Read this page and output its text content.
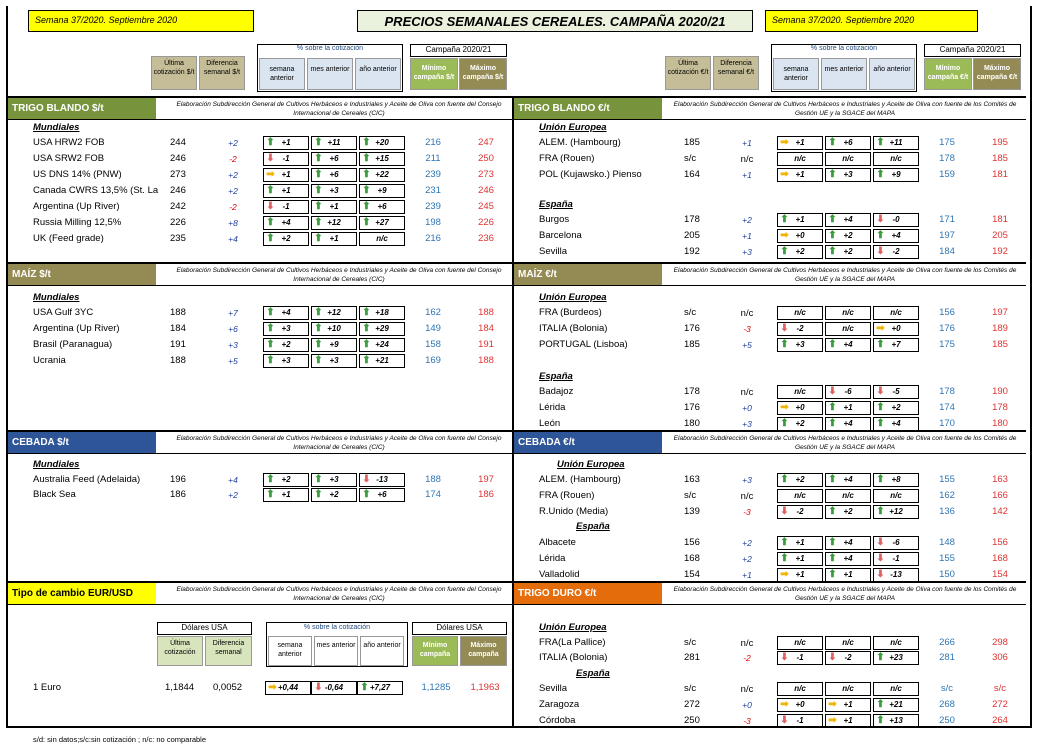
Semana 37/2020. Septiembre 2020	PRECIOS SEMANALES CEREALES. CAMPAÑA 2020/21	Semana 37/2020. Septiembre 2020
s/d: sin datos;s/c:sin cotización ; n/c: no comparable
Última cotización $/t
Diferencia semanal $/t
% sobre la cotización
semana anterior
mes anterior	año anterior
Campaña 2020/21
Mínimo campaña $/t
Máximo campaña $/t
Última cotización €/t
Diferencia semanal €/t
% sobre la cotización
semana anterior
mes anterior	año anterior
Campaña 2020/21
Mínimo campaña €/t
Máximo campaña €/t
TRIGO BLANDO $/t	Elaboración Subdirección General de Cultivos Herbáceos e Industriales y Aceite de Oliva con fuente del Consejo Internacional de Cereales (CIC)	TRIGO BLANDO €/t	Elaboración Subdirección General de Cultivos Herbáceos e Industriales y Aceite de Oliva con fuente de los Comités de Gestión UE y la SGACE del MAPA
Mundiales
USA HRW2 FOB	244	+2	⬆ +1	⬆ +11	⬆ +20	216	247
USA SRW2 FOB	246	-2	⬇ -1	⬆ +6	⬆ +15	211	250
US DNS 14% (PNW)	273	+2	➡ +1	⬆ +6	⬆ +22	239	273
Canada CWRS 13,5% (St. La	246	+2	⬆ +1	⬆ +3	⬆ +9	231	246
Argentina (Up River)	242	-2	⬇ -1	⬆ +1	⬆ +6	239	245
Russia Milling 12,5%	226	+8	⬆ +4	⬆ +12	⬆ +27	198	226
UK (Feed grade)	235	+4	⬆ +2	⬆ +1	n/c	216	236
Unión Europea
ALEM. (Hambourg)	185	+1	➡ +1	⬆ +6	⬆ +11	175	195
FRA (Rouen)	s/c	n/c	n/c	n/c	n/c	178	185
POL (Kujawsko.) Pienso	164	+1	➡ +1	⬆ +3	⬆ +9	159	181
España
Burgos	178	+2	⬆ +1	⬆ +4	⬇ -0	171	181
Barcelona	205	+1	➡ +0	⬆ +2	⬆ +4	197	205
Sevilla	192	+3	⬆ +2	⬆ +2	⬇ -2	184	192
MAÍZ $/t	Elaboración Subdirección General de Cultivos Herbáceos e Industriales y Aceite de Oliva con fuente del Consejo Internacional de Cereales (CIC)	MAÍZ €/t	Elaboración Subdirección General de Cultivos Herbáceos e Industriales y Aceite de Oliva con fuente de los Comités de Gestión UE y la SGACE del MAPA
Mundiales
USA Gulf 3YC	188	+7	⬆ +4	⬆ +12	⬆ +18	162	188
Argentina (Up River)	184	+6	⬆ +3	⬆ +10	⬆ +29	149	184
Brasil (Paranagua)	191	+3	⬆ +2	⬆ +9	⬆ +24	158	191
Ucrania	188	+5	⬆ +3	⬆ +3	⬆ +21	169	188
Unión Europea
FRA (Burdeos)	s/c	n/c	n/c	n/c	n/c	156	197
ITALIA (Bolonia)	176	-3	⬇ -2	n/c	➡ +0	176	189
PORTUGAL (Lisboa)	185	+5	⬆ +3	⬆ +4	⬆ +7	175	185
España
Badajoz	178	n/c	n/c	⬇ -6	⬇ -5	178	190
Lérida	176	+0	➡ +0	⬆ +1	⬆ +2	174	178
León	180	+3	⬆ +2	⬆ +4	⬆ +4	170	180
CEBADA $/t	Elaboración Subdirección General de Cultivos Herbáceos e Industriales y Aceite de Oliva con fuente del Consejo Internacional de Cereales (CIC)	CEBADA €/t	Elaboración Subdirección General de Cultivos Herbáceos e Industriales y Aceite de Oliva con fuente de los Comités de Gestión UE y la SGACE del MAPA
Mundiales
Australia Feed (Adelaida)	196	+4	⬆ +2	⬆ +3	⬇ -13	188	197
Black Sea	186	+2	⬆ +1	⬆ +2	⬆ +6	174	186
Unión Europea
ALEM. (Hambourg)	163	+3	⬆ +2	⬆ +4	⬆ +8	155	163
FRA (Rouen)	s/c	n/c	n/c	n/c	n/c	162	166
R.Unido (Media)	139	-3	⬇ -2	⬆ +2	⬆ +12	136	142
España
Albacete	156	+2	⬆ +1	⬆ +4	⬇ -6	148	156
Lérida	168	+2	⬆ +1	⬆ +4	⬇ -1	155	168
Valladolid	154	+1	➡ +1	⬆ +1	⬇ -13	150	154
Tipo de cambio EUR/USD	Elaboración Subdirección General de Cultivos Herbáceos e Industriales y Aceite de Oliva con fuente del Consejo Internacional de Cereales (CIC)	TRIGO DURO €/t	Elaboración Subdirección General de Cultivos Herbáceos e Industriales y Aceite de Oliva con fuente de los Comités de Gestión UE y la SGACE del MAPA
Dólares USA
Última cotización
Diferencia semanal
% sobre la cotización
semana anterior
mes anterior	año anterior
Dólares USA
Mínimo campaña
Máximo campaña
1 Euro	1,1844	0,0052	➡ +0,44	⬇ -0,64	⬆ +7,27	1,1285	1,1963
Unión Europea
FRA(La Pallice)	s/c	n/c	n/c	n/c	n/c	266	298
ITALIA (Bolonia)	281	-2	⬇ -1	⬇ -2	⬆ +23	281	306
España
Sevilla	s/c	n/c	n/c	n/c	n/c	s/c	s/c
Zaragoza	272	+0	➡ +0	➡ +1	⬆ +21	268	272
Córdoba	250	-3	⬇ -1	➡ +1	⬆ +13	250	264
